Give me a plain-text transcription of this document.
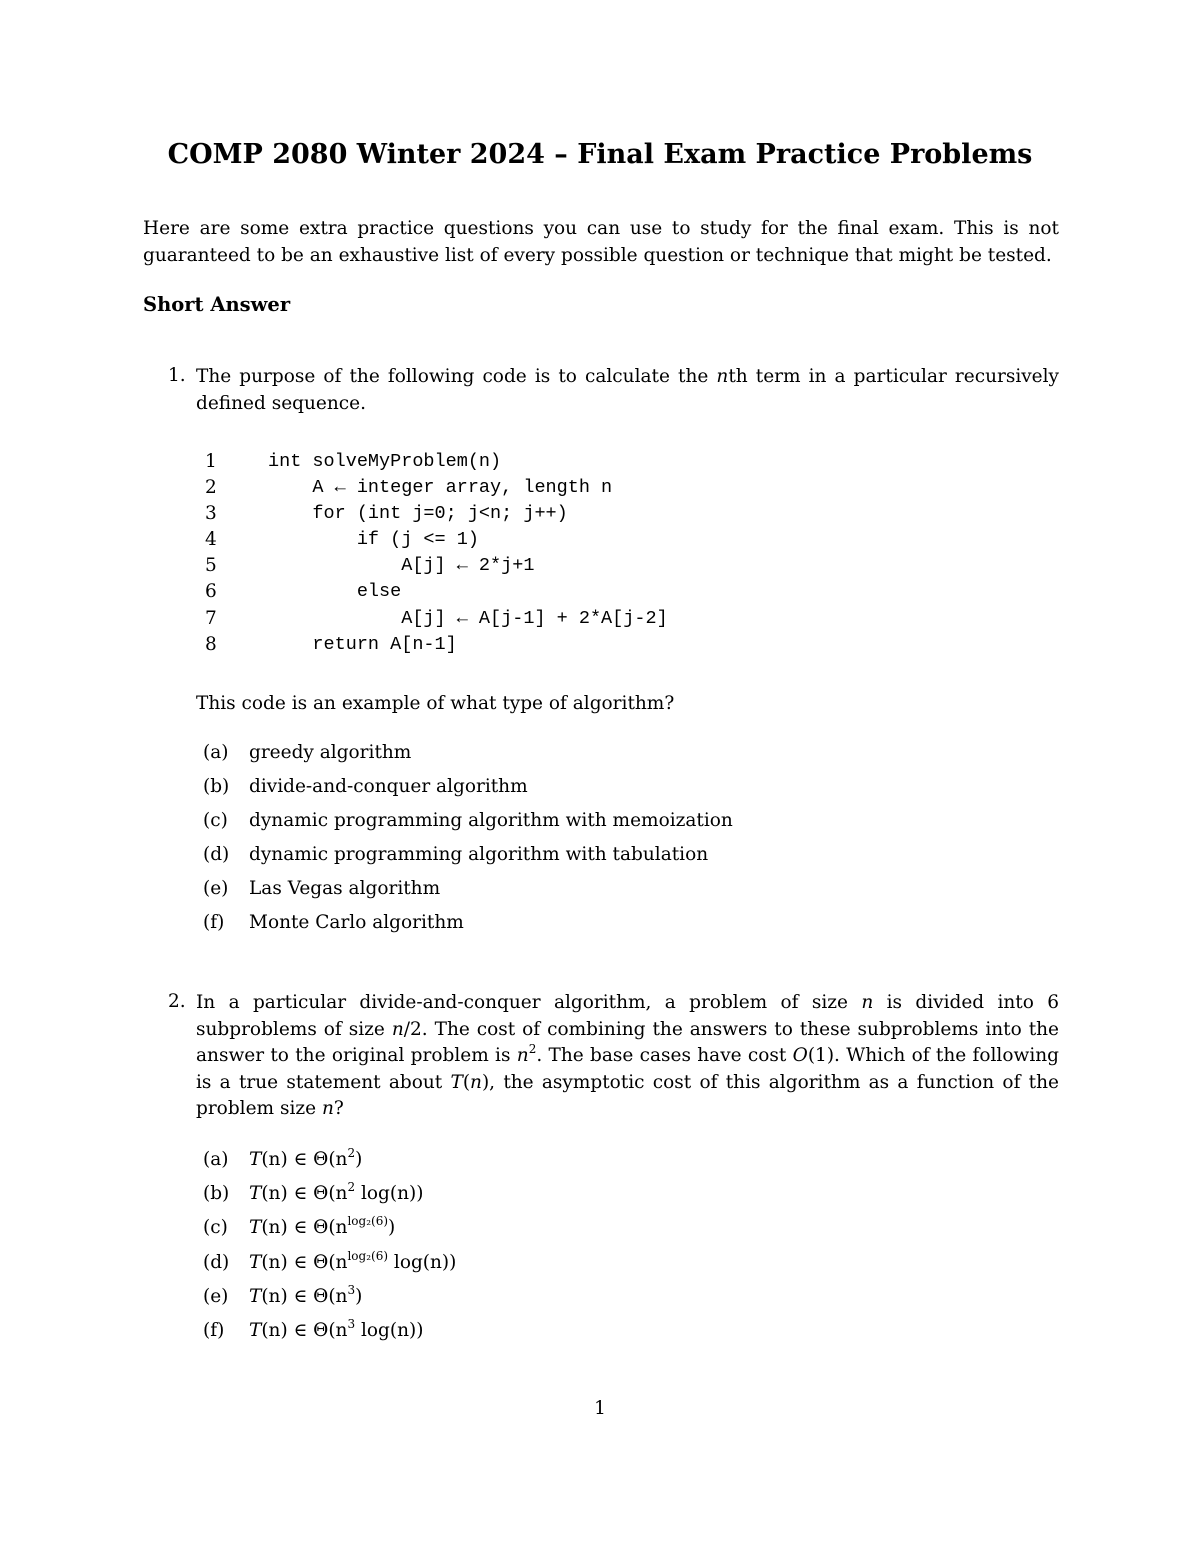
COMP 2080 Winter 2024 – Final Exam Practice Problems

Here are some extra practice questions you can use to study for the final exam. This is not guaranteed to be an exhaustive list of every possible question or technique that might be tested.

Short Answer
1. The purpose of the following code is to calculate the nth term in a particular recursively defined sequence.

1	int solveMyProblem(n)
2	A ← integer array, length n
3	for (int j=0; j<n; j++)
4	if (j <= 1)
5	A[j] ← 2*j+1
6	else
7	A[j] ← A[j-1] + 2*A[j-2]
8	return A[n-1]

This code is an example of what type of algorithm?

(a)	greedy algorithm
(b)	divide-and-conquer algorithm
(c)	dynamic programming algorithm with memoization
(d)	dynamic programming algorithm with tabulation
(e)	Las Vegas algorithm
(f)	Monte Carlo algorithm
2. In a particular divide-and-conquer algorithm, a problem of size n is divided into 6 subproblems of size n/2. The cost of combining the answers to these subproblems into the answer to the original problem is $n^2$. The base cases have cost O(1). Which of the following is a true statement about T(n), the asymptotic cost of this algorithm as a function of the problem size n?

(a)	T(n) ∈ $\Theta(n^2)$
(b)	T(n) ∈ $\Theta(n^2$ log(n))
(c)	T(n) ∈ $\Theta(n^{log_2(6)})$
(d)	T(n) ∈ $\Theta(n^{log_2(6)}$ log(n))
(e)	T(n) ∈ $\Theta(n^3)$
(f)	T(n) ∈ $\Theta(n^3$ log(n))
1
